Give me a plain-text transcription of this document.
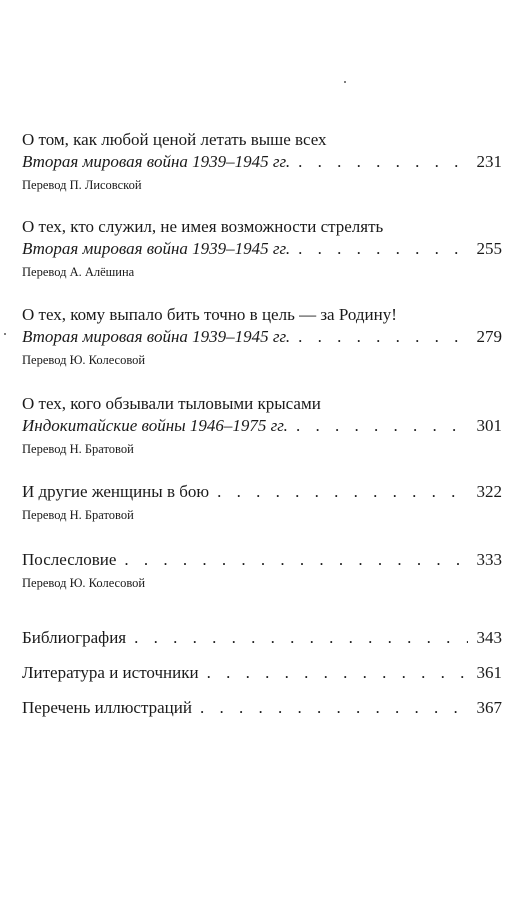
О том, как любой ценой летать выше всех
Вторая мировая война 1939–1945 гг. . . .	231
Перевод П. Лисовской
О тех, кто служил, не имея возможности стрелять
Вторая мировая война 1939–1945 гг. . . .	255
Перевод А. Алёшина
О тех, кому выпало бить точно в цель — за Родину!
Вторая мировая война 1939–1945 гг. . . .	279
Перевод Ю. Колесовой
О тех, кого обзывали тыловыми крысами
Индокитайские войны 1946–1975 гг. . . .	301
Перевод Н. Братовой
И другие женщины в бою . . .	322
Перевод Н. Братовой
Послесловие . . .	333
Перевод Ю. Колесовой
Библиография . . .	343
Литература и источники . . .	361
Перечень иллюстраций . . .	367
